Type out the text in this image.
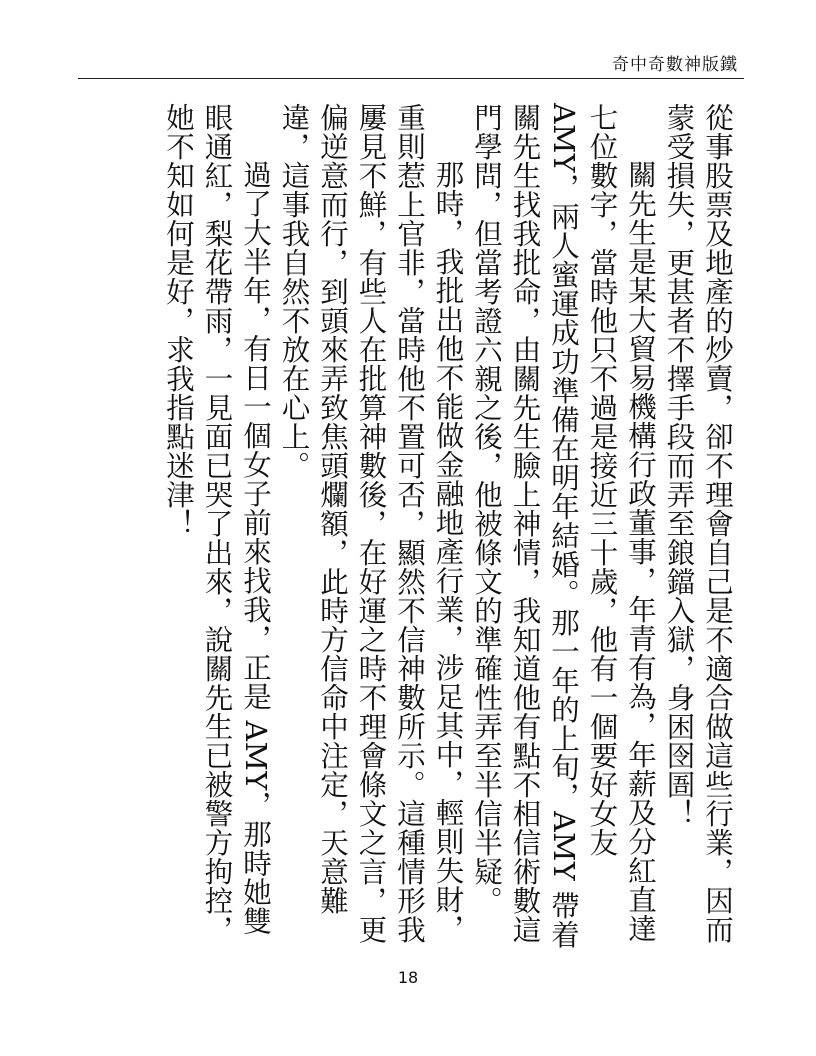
奇中奇數神版鐵

從事股票及地產的炒賣，卻不理會自己是不適合做這些行業，因而蒙受損失，更甚者不擇手段而弄至鋃鐺入獄，身困囹圄！

關先生是某大貿易機構行政董事，年青有為，年薪及分紅直達七位數字，當時他只不過是接近三十歲，他有一個要好女友 AMY，兩人蜜運成功準備在明年結婚。那一年的上旬，AMY 帶着關先生找我批命，由關先生臉上神情，我知道他有點不相信術數這門學問，但當考證六親之後，他被條文的準確性弄至半信半疑。

那時，我批出他不能做金融地產行業，涉足其中，輕則失財，重則惹上官非，當時他不置可否，顯然不信神數所示。這種情形我屢見不鮮，有些人在批算神數後，在好運之時不理會條文之言，更偏逆意而行，到頭來弄致焦頭爛額，此時方信命中注定，天意難違，這事我自然不放在心上。

過了大半年，有日一個女子前來找我，正是 AMY，那時她雙眼通紅，梨花帶雨，一見面已哭了出來，說關先生已被警方拘控，她不知如何是好，求我指點迷津！

18
